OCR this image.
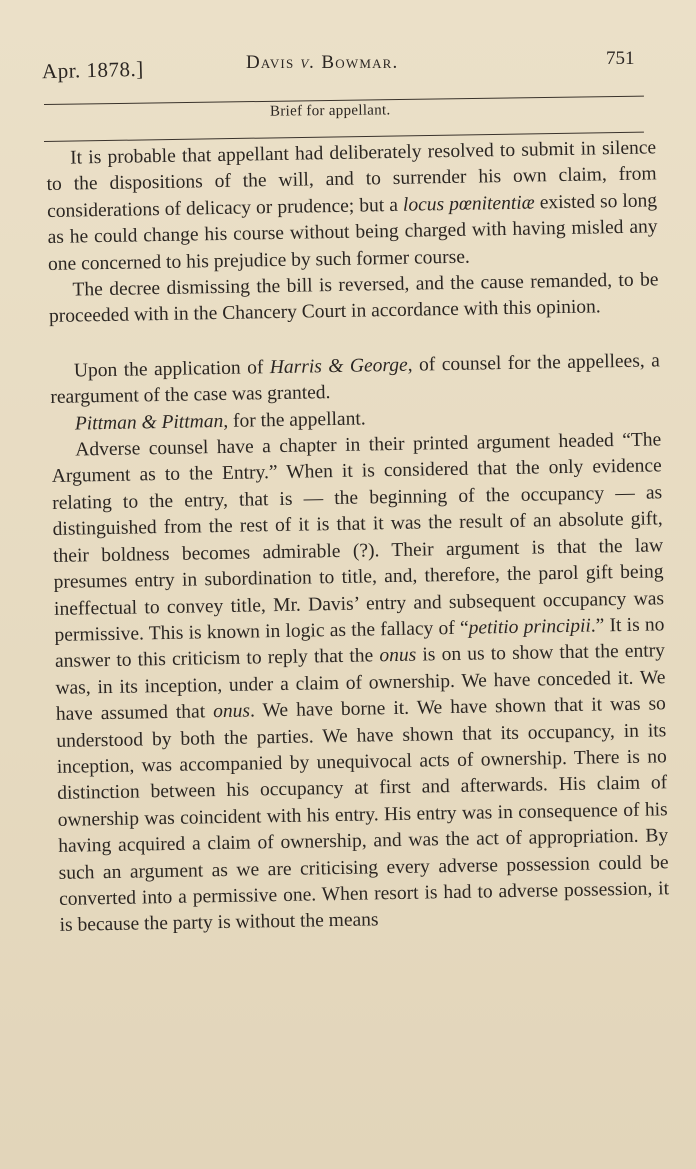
Apr. 1878.]	Davis v. Bowmar.	751
Brief for appellant.

It is probable that appellant had deliberately resolved to submit in silence to the dispositions of the will, and to surrender his own claim, from considerations of delicacy or prudence; but a locus pœnitentiæ existed so long as he could change his course without being charged with having misled any one concerned to his prejudice by such former course.

The decree dismissing the bill is reversed, and the cause remanded, to be proceeded with in the Chancery Court in accordance with this opinion.

Upon the application of Harris & George, of counsel for the appellees, a reargument of the case was granted.

Pittman & Pittman, for the appellant.

Adverse counsel have a chapter in their printed argument headed “The Argument as to the Entry.” When it is considered that the only evidence relating to the entry, that is — the beginning of the occupancy — as distinguished from the rest of it is that it was the result of an absolute gift, their boldness becomes admirable (?). Their argument is that the law presumes entry in subordination to title, and, therefore, the parol gift being ineffectual to convey title, Mr. Davis’ entry and subsequent occupancy was permissive. This is known in logic as the fallacy of “petitio principii.” It is no answer to this criticism to reply that the onus is on us to show that the entry was, in its inception, under a claim of ownership. We have conceded it. We have assumed that onus. We have borne it. We have shown that it was so understood by both the parties. We have shown that its occupancy, in its inception, was accompanied by unequivocal acts of ownership. There is no distinction between his occupancy at first and afterwards. His claim of ownership was coincident with his entry. His entry was in consequence of his having acquired a claim of ownership, and was the act of appropriation. By such an argument as we are criticising every adverse possession could be converted into a permissive one. When resort is had to adverse possession, it is because the party is without the means
